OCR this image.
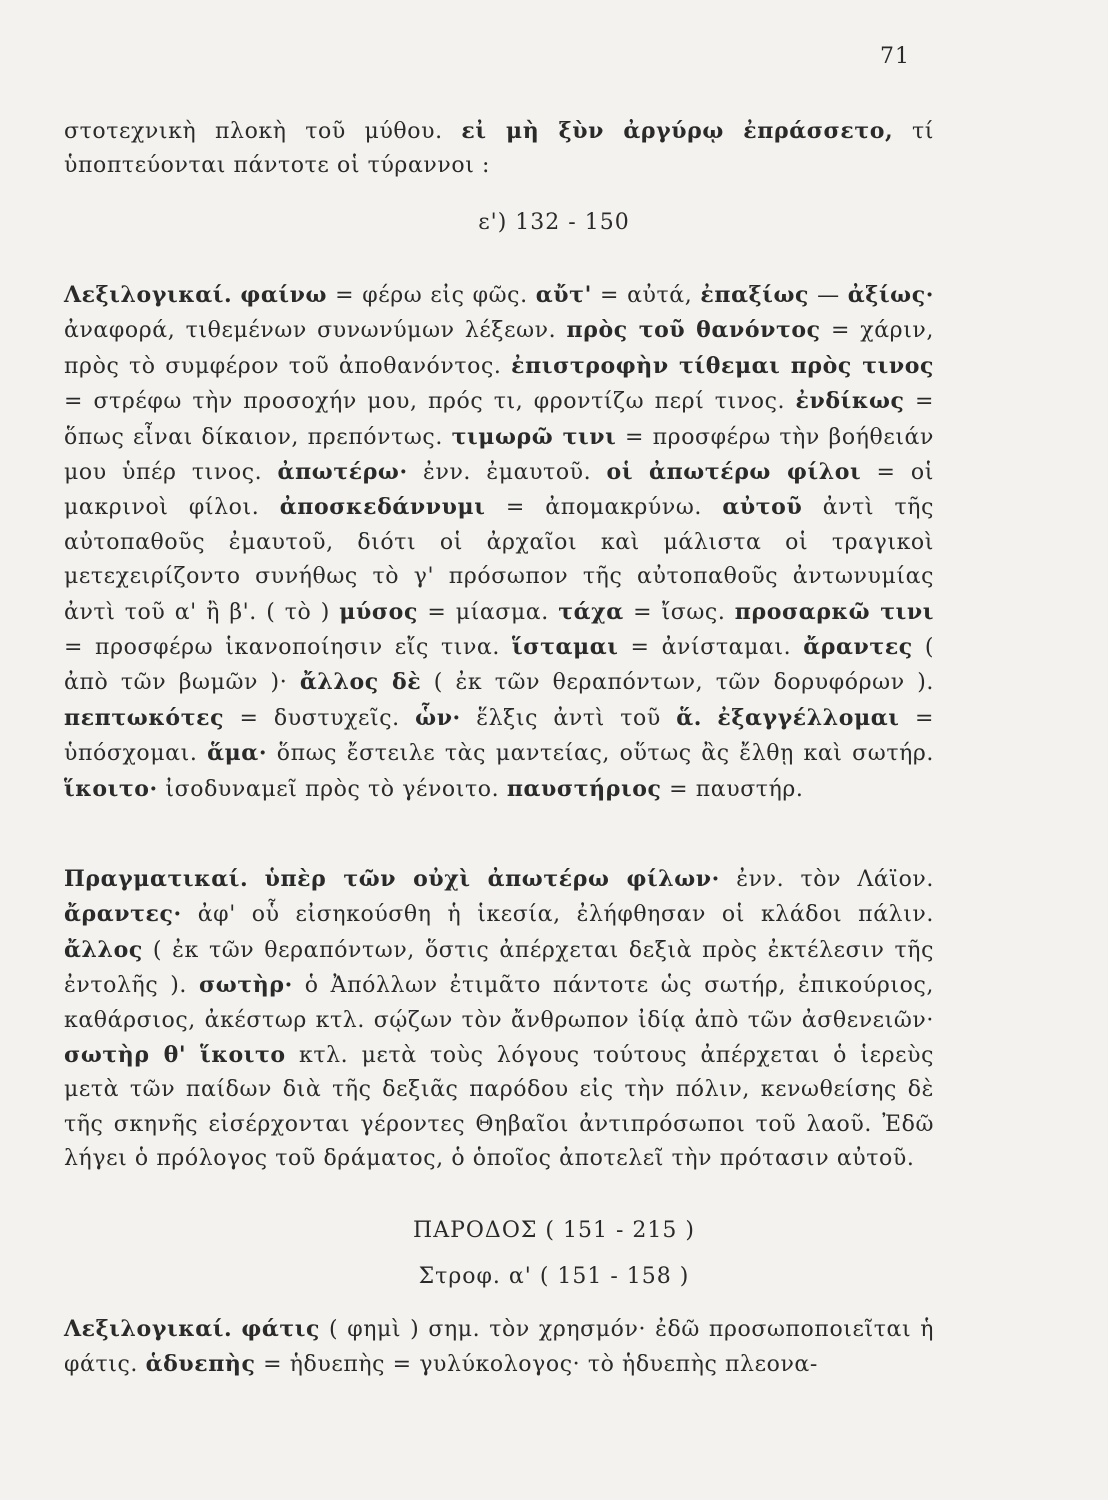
71

στοτεχνικὴ πλοκὴ τοῦ μύθου. εἰ μὴ ξὺν ἀργύρῳ ἐπράσσετο, τί ὑποπτεύονται πάντοτε οἱ τύραννοι :

ε') 132 - 150

Λεξιλογικαί. φαίνω = φέρω εἰς φῶς. αὔτ' = αὐτά, ἐπαξίως — ἀξίως· ἀναφορά, τιθεμένων συνωνύμων λέξεων. πρὸς τοῦ θανόντος = χάριν, πρὸς τὸ συμφέρον τοῦ ἀποθανόντος. ἐπιστροφὴν τίθεμαι πρὸς τινος = στρέφω τὴν προσοχήν μου, πρός τι, φροντίζω περί τινος. ἐνδίκως = ὅπως εἶναι δίκαιον, πρεπόντως. τιμωρῶ τινι = προσφέρω τὴν βοήθειάν μου ὑπέρ τινος. ἀπωτέρω· ἐνν. ἐμαυτοῦ. οἱ ἀπωτέρω φίλοι = οἱ μακρινοὶ φίλοι. ἀποσκεδάννυμι = ἀπομακρύνω. αὐτοῦ ἀντὶ τῆς αὐτοπαθοῦς ἐμαυτοῦ, διότι οἱ ἀρχαῖοι καὶ μάλιστα οἱ τραγικοὶ μετεχειρίζοντο συνήθως τὸ γ' πρόσωπον τῆς αὐτοπαθοῦς ἀντωνυμίας ἀντὶ τοῦ α' ἢ β'. ( τὸ ) μύσος = μίασμα. τάχα = ἴσως. προσαρκῶ τινι = προσφέρω ἱκανοποίησιν εἴς τινα. ἵσταμαι = ἀνίσταμαι. ἄραντες ( ἀπὸ τῶν βωμῶν )· ἄλλος δὲ ( ἐκ τῶν θεραπόντων, τῶν δορυφόρων ). πεπτωκότες = δυστυχεῖς. ὧν· ἕλξις ἀντὶ τοῦ ἅ. ἐξαγγέλλομαι = ὑπόσχομαι. ἅμα· ὅπως ἔστειλε τὰς μαντείας, οὕτως ἂς ἔλθῃ καὶ σωτήρ. ἵκοιτο· ἰσοδυναμεῖ πρὸς τὸ γένοιτο. παυστήριος = παυστήρ.

Πραγματικαί. ὑπὲρ τῶν οὐχὶ ἀπωτέρω φίλων· ἐνν. τὸν Λάϊον. ἄραντες· ἀφ' οὗ εἰσηκούσθη ἡ ἱκεσία, ἐλήφθησαν οἱ κλάδοι πάλιν. ἄλλος ( ἐκ τῶν θεραπόντων, ὅστις ἀπέρχεται δεξιὰ πρὸς ἐκτέλεσιν τῆς ἐντολῆς ). σωτὴρ· ὁ Ἀπόλλων ἐτιμᾶτο πάντοτε ὡς σωτήρ, ἐπικούριος, καθάρσιος, ἀκέστωρ κτλ. σῴζων τὸν ἄνθρωπον ἰδίᾳ ἀπὸ τῶν ἀσθενειῶν· σωτὴρ θ' ἵκοιτο κτλ. μετὰ τοὺς λόγους τούτους ἀπέρχεται ὁ ἱερεὺς μετὰ τῶν παίδων διὰ τῆς δεξιᾶς παρόδου εἰς τὴν πόλιν, κενωθείσης δὲ τῆς σκηνῆς εἰσέρχονται γέροντες Θηβαῖοι ἀντιπρόσωποι τοῦ λαοῦ. Ἐδῶ λήγει ὁ πρόλογος τοῦ δράματος, ὁ ὁποῖος ἀποτελεῖ τὴν πρότασιν αὐτοῦ.

ΠΑΡΟΔΟΣ ( 151 - 215 )
Στροφ. α' ( 151 - 158 )

Λεξιλογικαί. φάτις ( φημὶ ) σημ. τὸν χρησμόν· ἐδῶ προσωποποιεῖται ἡ φάτις. ἁδυεπὴς = ἡδυεπὴς = γυλύκολογος· τὸ ἡδυεπὴς πλεονα-
